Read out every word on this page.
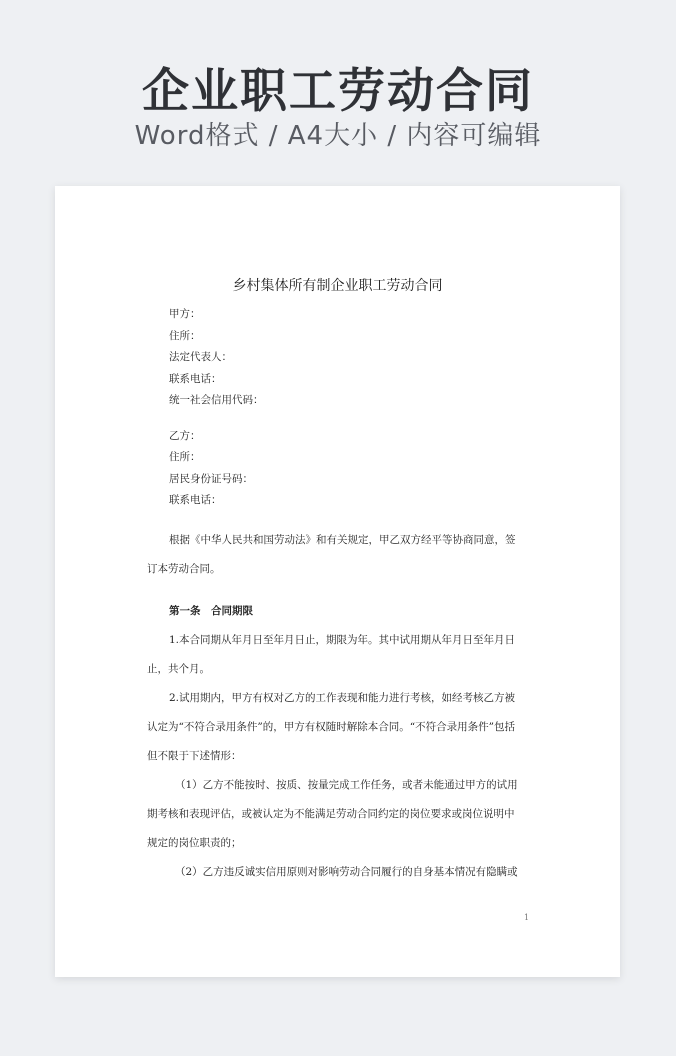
企业职工劳动合同
Word格式 / A4大小 / 内容可编辑
乡村集体所有制企业职工劳动合同
甲方：
住所：
法定代表人：
联系电话：
统一社会信用代码：
乙方：
住所：
居民身份证号码：
联系电话：
根据《中华人民共和国劳动法》和有关规定，甲乙双方经平等协商同意，签
订本劳动合同。
第一条　合同期限
1.本合同期从年月日至年月日止，期限为年。其中试用期从年月日至年月日
止，共个月。
2.试用期内，甲方有权对乙方的工作表现和能力进行考核，如经考核乙方被
认定为“不符合录用条件”的，甲方有权随时解除本合同。“不符合录用条件”包括
但不限于下述情形：
（1）乙方不能按时、按质、按量完成工作任务，或者未能通过甲方的试用
期考核和表现评估，或被认定为不能满足劳动合同约定的岗位要求或岗位说明中
规定的岗位职责的；
（2）乙方违反诚实信用原则对影响劳动合同履行的自身基本情况有隐瞒或
1
